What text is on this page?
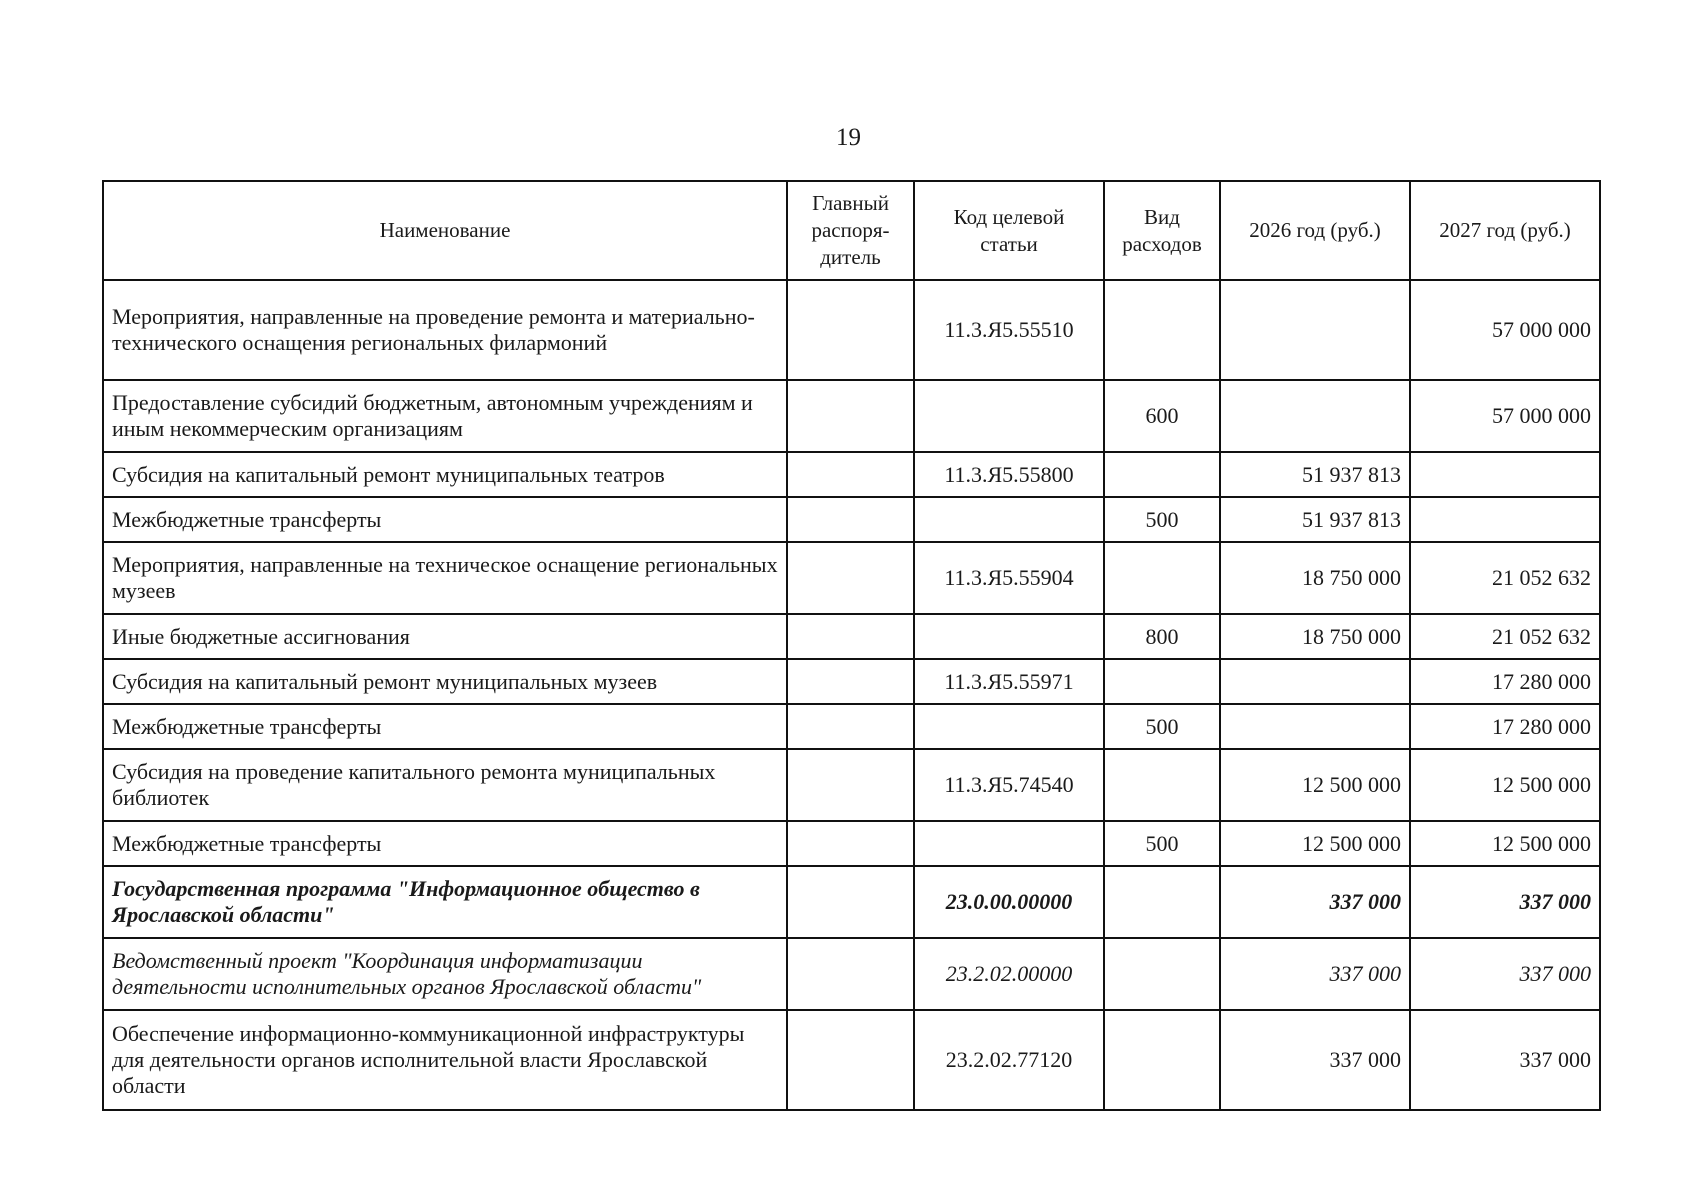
19
Наименование	Главный распоря-дитель	Код целевой статьи	Вид расходов	2026 год (руб.)	2027 год (руб.)
Мероприятия, направленные на проведение ремонта и материально-технического оснащения региональных филармоний		11.3.Я5.55510			57 000 000
Предоставление субсидий бюджетным, автономным учреждениям и иным некоммерческим организациям			600		57 000 000
Субсидия на капитальный ремонт муниципальных театров		11.3.Я5.55800		51 937 813	
Межбюджетные трансферты			500	51 937 813	
Мероприятия, направленные на техническое оснащение региональных музеев		11.3.Я5.55904		18 750 000	21 052 632
Иные бюджетные ассигнования			800	18 750 000	21 052 632
Субсидия на капитальный ремонт муниципальных музеев		11.3.Я5.55971			17 280 000
Межбюджетные трансферты			500		17 280 000
Субсидия на проведение капитального ремонта муниципальных библиотек		11.3.Я5.74540		12 500 000	12 500 000
Межбюджетные трансферты			500	12 500 000	12 500 000
Государственная программа "Информационное общество в Ярославской области"		23.0.00.00000		337 000	337 000
Ведомственный проект "Координация информатизации деятельности исполнительных органов Ярославской области"		23.2.02.00000		337 000	337 000
Обеспечение информационно-коммуникационной инфраструктуры для деятельности органов исполнительной власти Ярославской области		23.2.02.77120		337 000	337 000
